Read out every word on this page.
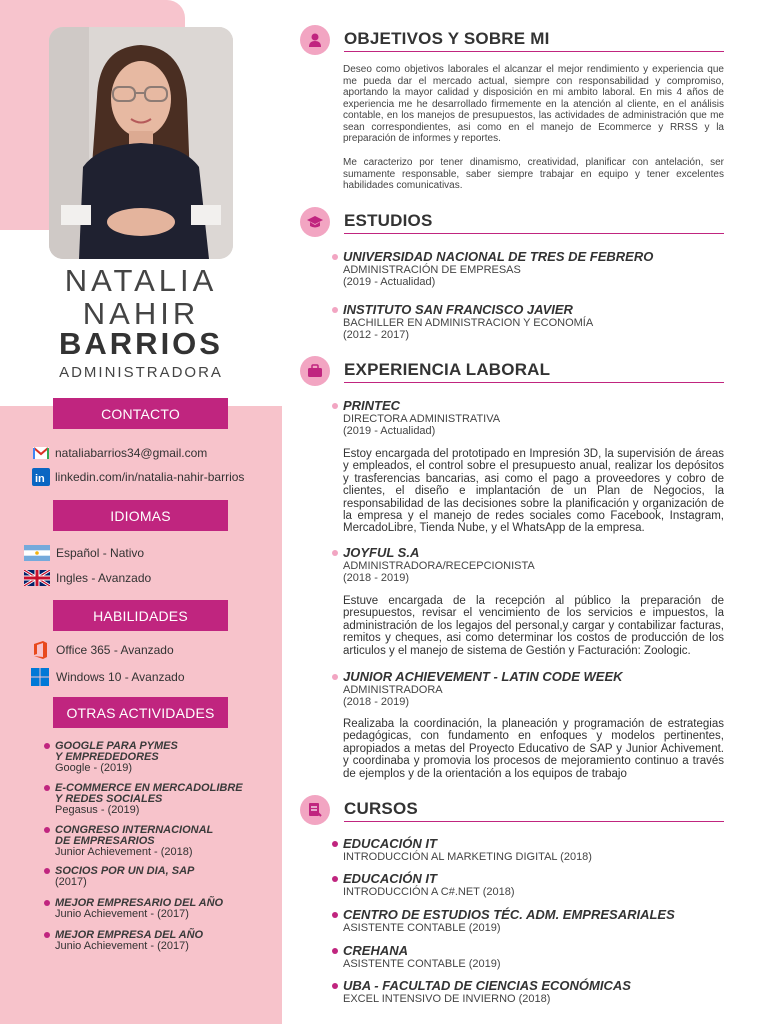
NATALIA
NAHIR
BARRIOS
ADMINISTRADORA
CONTACTO
nataliabarrios34@gmail.com
in linkedin.com/in/natalia-nahir-barrios
IDIOMAS
Español - Nativo
Ingles - Avanzado
HABILIDADES
Office 365 - Avanzado
Windows 10 - Avanzado
OTRAS ACTIVIDADES
GOOGLE PARA PYMES
Y EMPREDEDORES
Google - (2019)
E-COMMERCE EN MERCADOLIBRE
Y REDES SOCIALES
Pegasus - (2019)
CONGRESO INTERNACIONAL
DE EMPRESARIOS
Junior Achievement - (2018)
SOCIOS POR UN DIA, SAP
(2017)
MEJOR EMPRESARIO DEL AÑO
Junio Achievement - (2017)
MEJOR EMPRESA DEL AÑO
Junio Achievement - (2017)
OBJETIVOS Y SOBRE MI
Deseo como objetivos laborales el alcanzar el mejor rendimiento y experiencia que me pueda dar el mercado actual, siempre con responsabilidad y compromiso, aportando la mayor calidad y disposición en mi ambito laboral. En mis 4 años de experiencia me he desarrollado firmemente en la atención al cliente, en el análisis contable, en los manejos de presupuestos, las actividades de administración que me sean correspondientes, asi como en el manejo de Ecommerce y RRSS y la preparación de informes y reportes.
Me caracterizo por tener dinamismo, creatividad, planificar con antelación, ser sumamente responsable, saber siempre trabajar en equipo y tener excelentes habilidades comunicativas.
ESTUDIOS
UNIVERSIDAD NACIONAL DE TRES DE FEBRERO
ADMINISTRACIÓN DE EMPRESAS
(2019 - Actualidad)
INSTITUTO SAN FRANCISCO JAVIER
BACHILLER EN ADMINISTRACION Y ECONOMÍA
(2012 - 2017)
EXPERIENCIA LABORAL
PRINTEC
DIRECTORA ADMINISTRATIVA
(2019 - Actualidad)
Estoy encargada del prototipado en Impresión 3D, la supervisión de áreas y empleados, el control sobre el presupuesto anual, realizar los depósitos y trasferencias bancarias, asi como el pago a proveedores y cobro de clientes, el diseño e implantación de un Plan de Negocios, la responsabilidad de las decisiones sobre la planificación y organización de la empresa y el manejo de redes sociales como Facebook, Instagram, MercadoLibre, Tienda Nube, y el WhatsApp de la empresa.
JOYFUL S.A
ADMINISTRADORA/RECEPCIONISTA
(2018 - 2019)
Estuve encargada de la recepción al público la preparación de presupuestos, revisar el vencimiento de los servicios e impuestos, la administración de los legajos del personal,y cargar y contabilizar facturas, remitos y cheques, asi como determinar los costos de producción de los articulos y el manejo de sistema de Gestión y Facturación: Zoologic.
JUNIOR ACHIEVEMENT - LATIN CODE WEEK
ADMINISTRADORA
(2018 - 2019)
Realizaba la coordinación, la planeación y programación de estrategias pedagógicas, con fundamento en enfoques y modelos pertinentes, apropiados a metas del Proyecto Educativo de SAP y Junior Achivement. y coordinaba y promovia los procesos de mejoramiento continuo a través de ejemplos y de la orientación a los equipos de trabajo
CURSOS
EDUCACIÓN IT
INTRODUCCIÓN AL MARKETING DIGITAL (2018)
EDUCACIÓN IT
INTRODUCCIÓN A C#.NET (2018)
CENTRO DE ESTUDIOS TÉC. ADM. EMPRESARIALES
ASISTENTE CONTABLE (2019)
CREHANA
ASISTENTE CONTABLE (2019)
UBA - FACULTAD DE CIENCIAS ECONÓMICAS
EXCEL INTENSIVO DE INVIERNO (2018)
